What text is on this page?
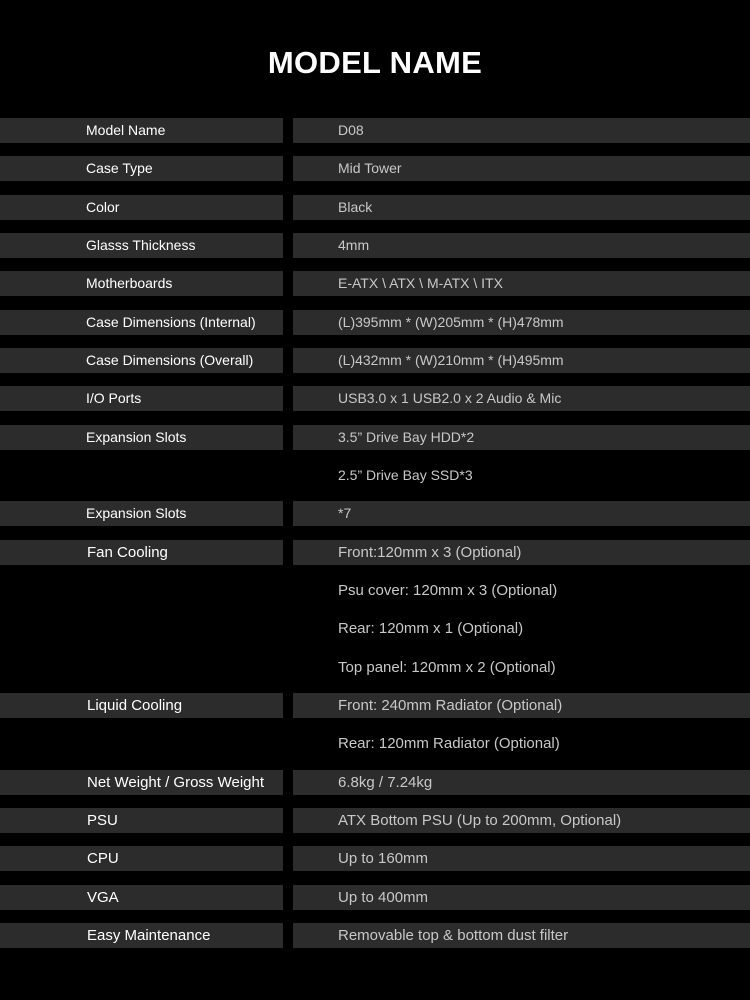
MODEL NAME
Model Name	D08
Case Type	Mid Tower
Color	Black
Glasss Thickness	4mm
Motherboards	E-ATX \ ATX \ M-ATX \ ITX
Case Dimensions (Internal)	(L)395mm * (W)205mm * (H)478mm
Case Dimensions (Overall)	(L)432mm * (W)210mm * (H)495mm
I/O Ports	USB3.0 x 1 USB2.0 x 2 Audio & Mic
Expansion Slots	3.5” Drive Bay HDD*2
2.5” Drive Bay SSD*3
Expansion Slots	*7
Fan Cooling	Front:120mm x 3 (Optional)
Psu cover: 120mm x 3 (Optional)
Rear: 120mm x 1 (Optional)
Top panel: 120mm x 2 (Optional)
Liquid Cooling	Front: 240mm Radiator (Optional)
Rear: 120mm Radiator (Optional)
Net Weight / Gross Weight	6.8kg / 7.24kg
PSU	ATX Bottom PSU (Up to 200mm, Optional)
CPU	Up to 160mm
VGA	Up to 400mm
Easy Maintenance	Removable top & bottom dust filter
